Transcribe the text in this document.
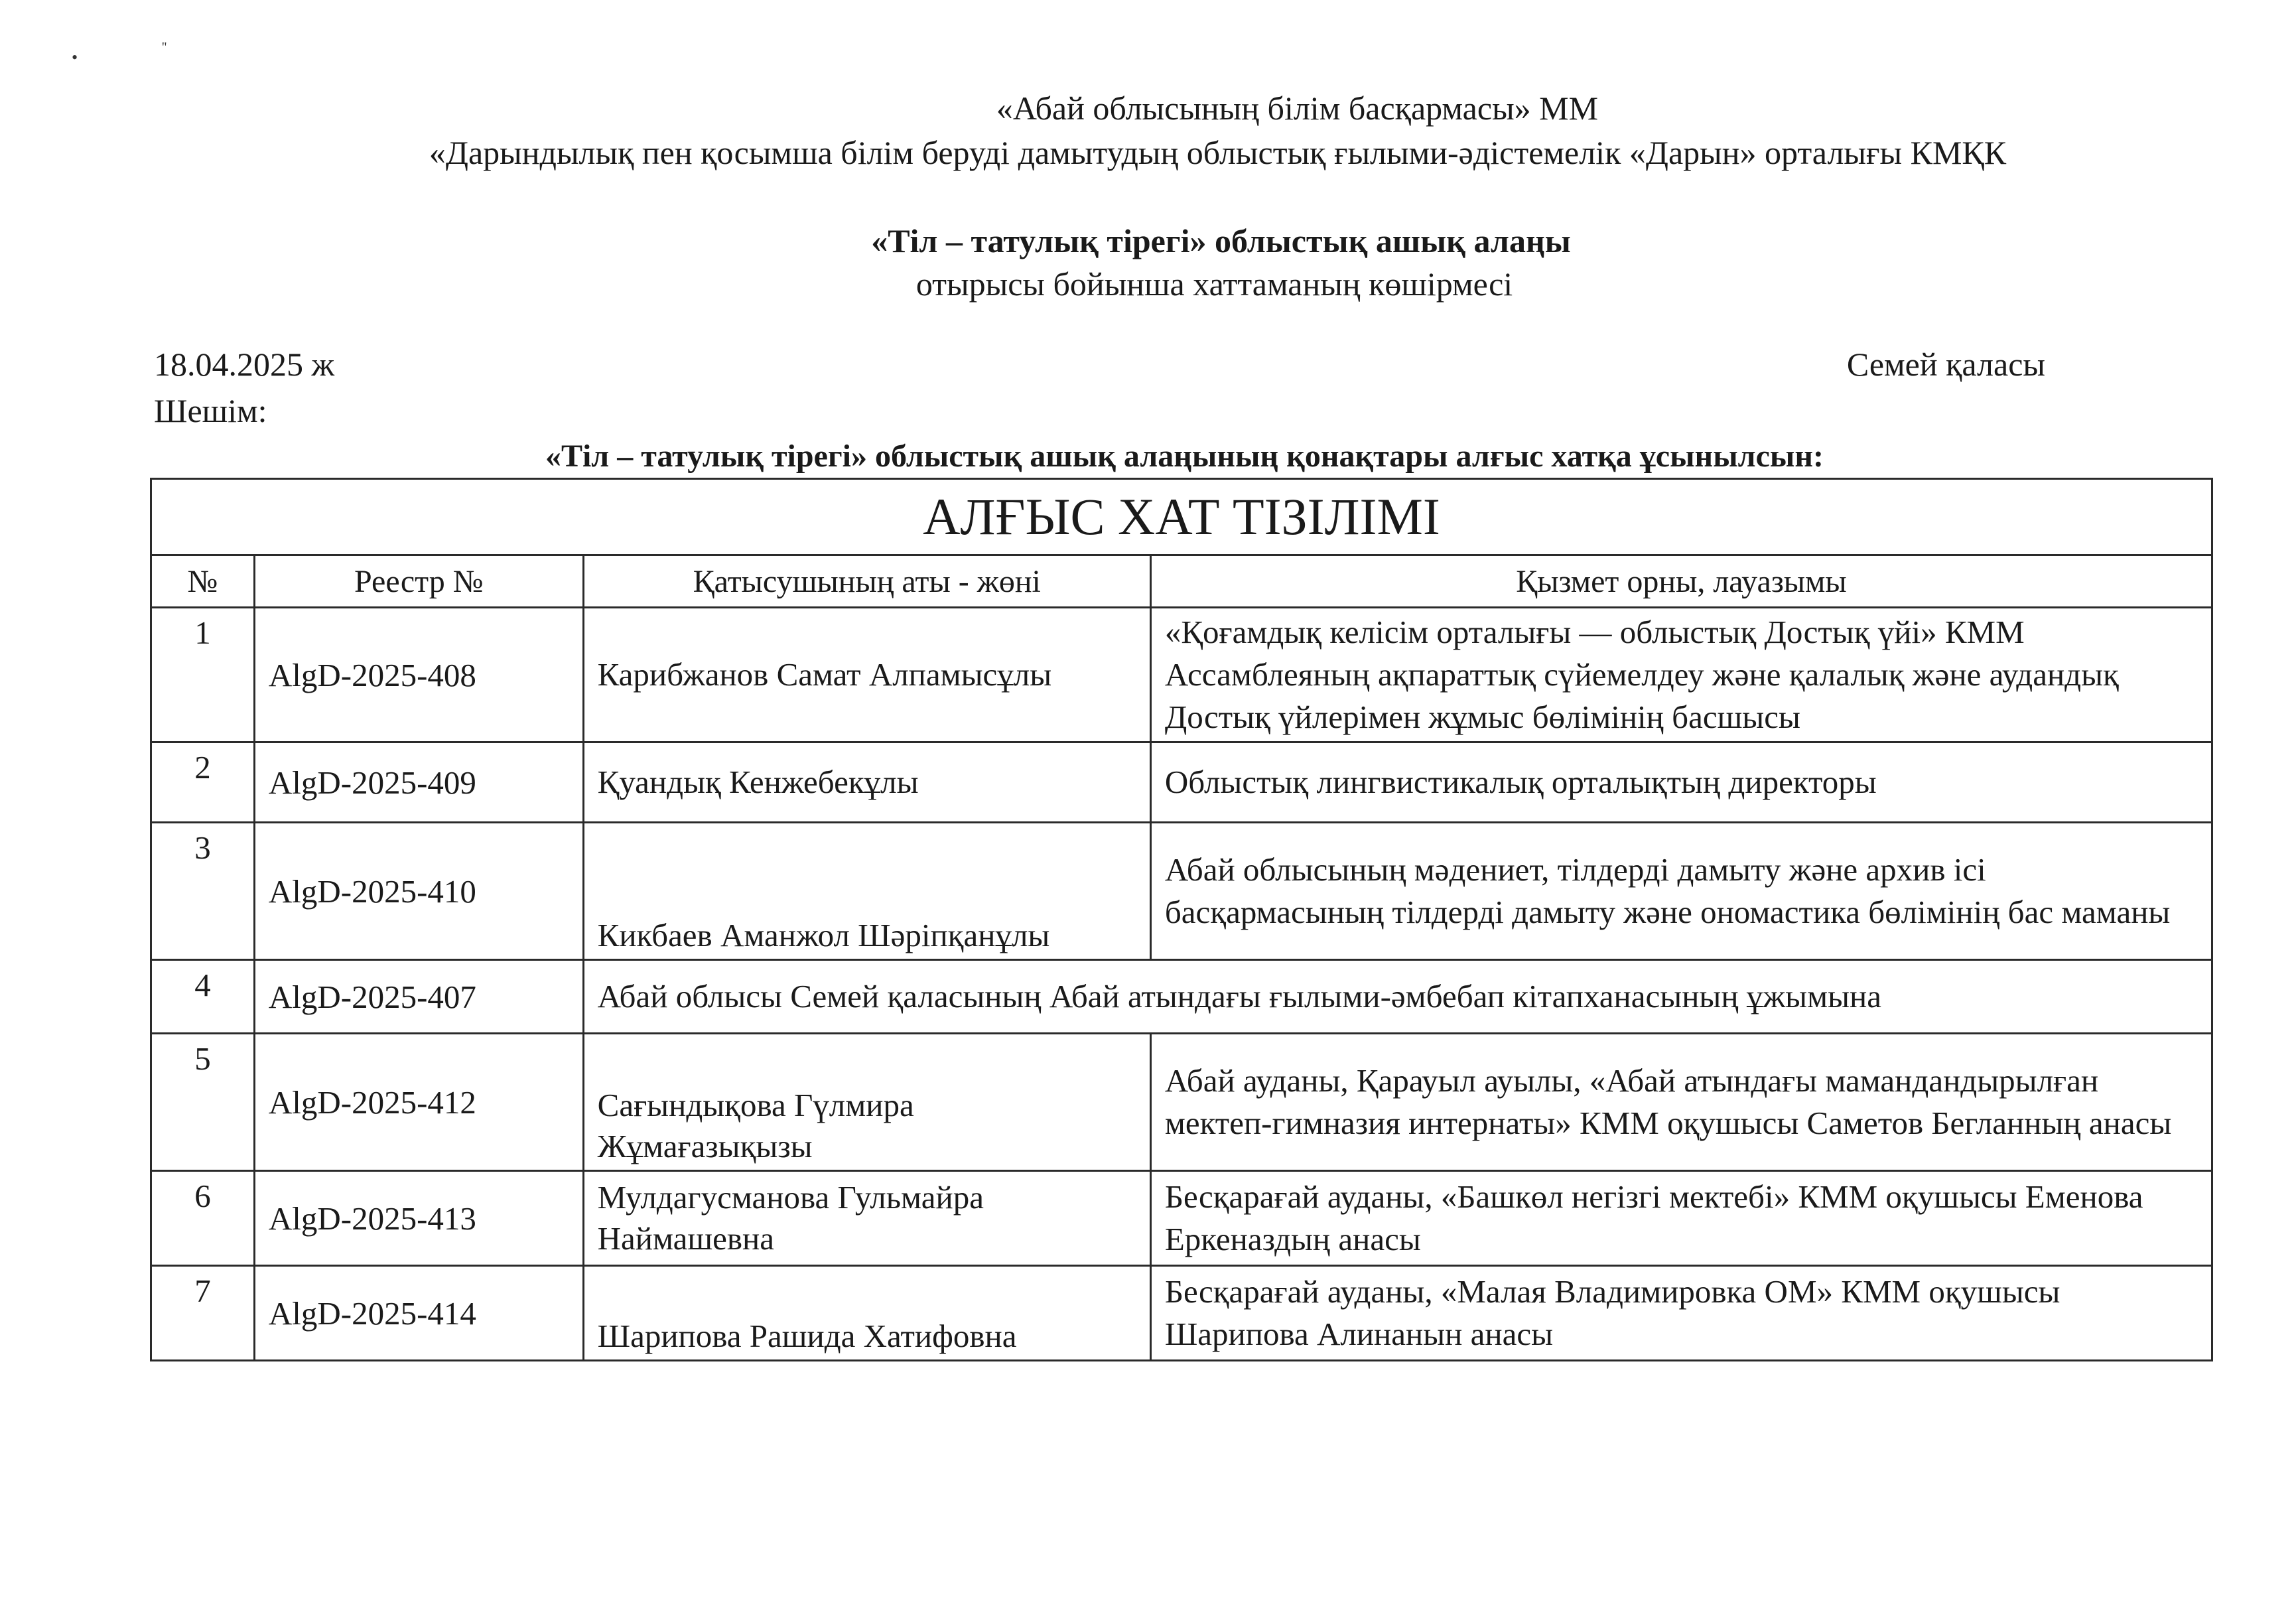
•
''
«Абай облысының білім басқармасы» ММ
«Дарындылық пен қосымша білім беруді дамытудың облыстық ғылыми-әдістемелік «Дарын» орталығы КМҚК
«Тіл – татулық тірегі» облыстық ашық алаңы
отырысы бойынша хаттаманың көшірмесі
18.04.2025 ж	Семей қаласы
Шешім:
«Тіл – татулық тірегі» облыстық ашық алаңының қонақтары алғыс хатқа ұсынылсын:
АЛҒЫС ХАТ ТІЗІЛІМІ			
№	Реестр №	Қатысушының аты - жөні	Қызмет орны, лауазымы
1	AlgD-2025-408	Карибжанов Самат Алпамысұлы	«Қоғамдық келісім орталығы — облыстық Достық үйі» КММ Ассамблеяның ақпараттық сүйемелдеу және қалалық және аудандық Достық үйлерімен жұмыс бөлімінің басшысы
2	AlgD-2025-409	Қуандық Кенжебекұлы	Облыстық лингвистикалық орталықтың директоры
3	AlgD-2025-410	Кикбаев Аманжол Шәріпқанұлы	Абай облысының мәдениет, тілдерді дамыту және архив ісі басқармасының тілдерді дамыту және ономастика бөлімінің бас маманы
4	AlgD-2025-407	Абай облысы Семей қаласының Абай атындағы ғылыми-әмбебап кітапханасының ұжымына	
5	AlgD-2025-412	Сағындықова Гүлмира Жұмағазықызы	Абай ауданы, Қарауыл ауылы, «Абай атындағы мамандандырылған мектеп-гимназия интернаты» КММ оқушысы Саметов Бегланның анасы
6	AlgD-2025-413	Мулдагусманова Гульмайра Наймашевна	Бесқарағай ауданы, «Башкөл негізгі мектебі» КММ оқушысы Еменова Еркеназдың анасы
7	AlgD-2025-414	Шарипова Рашида Хатифовна	Бесқарағай ауданы, «Малая Владимировка ОМ» КММ оқушысы Шарипова Алинанын анасы
